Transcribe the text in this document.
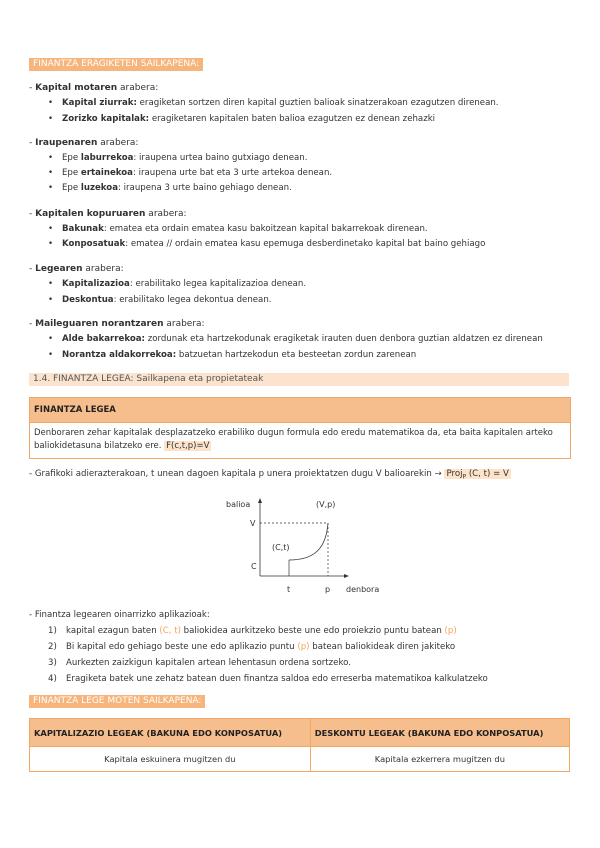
FINANTZA ERAGIKETEN SAILKAPENA:
- Kapital motaren arabera:
• Kapital ziurrak: eragiketan sortzen diren kapital guztien balioak sinatzerakoan ezagutzen direnean.
• Zorizko kapitalak: eragiketaren kapitalen baten balioa ezagutzen ez denean zehazki
- Iraupenaren arabera:
• Epe laburrekoa: iraupena urtea baino gutxiago denean.
• Epe ertainekoa: iraupena urte bat eta 3 urte artekoa denean.
• Epe luzekoa: iraupena 3 urte baino gehiago denean.
- Kapitalen kopuruaren arabera:
• Bakunak: ematea eta ordain ematea kasu bakoitzean kapital bakarrekoak direnean.
• Konposatuak: ematea // ordain ematea kasu epemuga desberdinetako kapital bat baino gehiago
- Legearen arabera:
• Kapitalizazioa: erabilitako legea kapitalizazioa denean.
• Deskontua: erabilitako legea dekontua denean.
- Maileguaren norantzaren arabera:
• Alde bakarrekoa: zordunak eta hartzekodunak eragiketak irauten duen denbora guztian aldatzen ez direnean
• Norantza aldakorrekoa: batzuetan hartzekodun eta besteetan zordun zarenean
1.4. FINANTZA LEGEA: Sailkapena eta propietateak
FINANTZA LEGEA
Denboraren zehar kapitalak desplazatzeko erabiliko dugun formula edo eredu matematikoa da, eta baita kapitalen arteko baliokidetasuna bilatzeko ere. F(c,t,p)=V
- Grafikoki adierazterakoan, t unean dagoen kapitala p unera proiektatzen dugu V balioarekin → Proj$_P$ (C, t) = V
balioa	(V,p)
(C,t)
V
C
t	p denbora
- Finantza legearen oinarrizko aplikazioak:
1) kapital ezagun baten (C, t) baliokidea aurkitzeko beste une edo proiekzio puntu batean (p)
2) Bi kapital edo gehiago beste une edo aplikazio puntu (p) batean baliokideak diren jakiteko
3) Aurkezten zaizkigun kapitalen artean lehentasun ordena sortzeko.
4) Eragiketa batek une zehatz batean duen finantza saldoa edo erreserba matematikoa kalkulatzeko
FINANTZA LEGE MOTEN SAILKAPENA:
KAPITALIZAZIO LEGEAK (BAKUNA EDO KONPOSATUA)	DESKONTU LEGEAK (BAKUNA EDO KONPOSATUA)
Kapitala eskuinera mugitzen du	Kapitala ezkerrera mugitzen du
